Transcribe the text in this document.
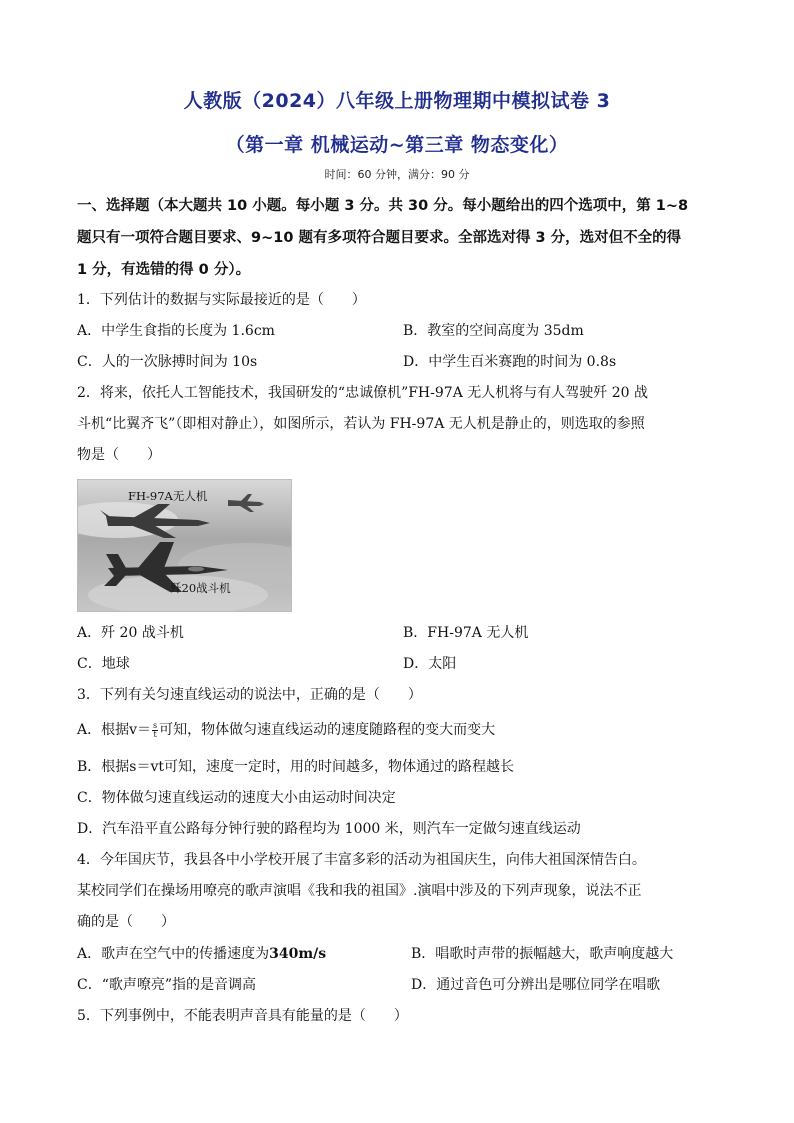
人教版（2024）八年级上册物理期中模拟试卷 3
（第一章 机械运动~第三章 物态变化）
时间：60 分钟，满分：90 分
一、选择题（本大题共 10 小题。每小题 3 分。共 30 分。每小题给出的四个选项中，第 1~8
题只有一项符合题目要求、9~10 题有多项符合题目要求。全部选对得 3 分，选对但不全的得
1 分，有选错的得 0 分）。
1．下列估计的数据与实际最接近的是（　　）
A．中学生食指的长度为 1.6cm	B．教室的空间高度为 35dm
C．人的一次脉搏时间为 10s	D．中学生百米赛跑的时间为 0.8s
2．将来，依托人工智能技术，我国研发的“忠诚僚机”FH-97A 无人机将与有人驾驶歼 20 战
斗机“比翼齐飞”（即相对静止），如图所示，若认为 FH-97A 无人机是静止的，则选取的参照
物是（　　）
FH-97A无人机
歼20战斗机
A．歼 20 战斗机	B．FH-97A 无人机
C．地球	D．太阳
3．下列有关匀速直线运动的说法中，正确的是（　　）
A．根据$v= \frac{s}{t}$ 可知，物体做匀速直线运动的速度随路程的变大而变大
B．根据s＝vt可知，速度一定时，用的时间越多，物体通过的路程越长
C．物体做匀速直线运动的速度大小由运动时间决定
D．汽车沿平直公路每分钟行驶的路程均为 1000 米，则汽车一定做匀速直线运动
4．今年国庆节，我县各中小学校开展了丰富多彩的活动为祖国庆生，向伟大祖国深情告白。
某校同学们在操场用嘹亮的歌声演唱《我和我的祖国》.演唱中涉及的下列声现象，说法不正
确的是（　　）
A．歌声在空气中的传播速度为340m/s	B．唱歌时声带的振幅越大，歌声响度越大
C．“歌声嘹亮”指的是音调高	D．通过音色可分辨出是哪位同学在唱歌
5．下列事例中，不能表明声音具有能量的是（　　）
